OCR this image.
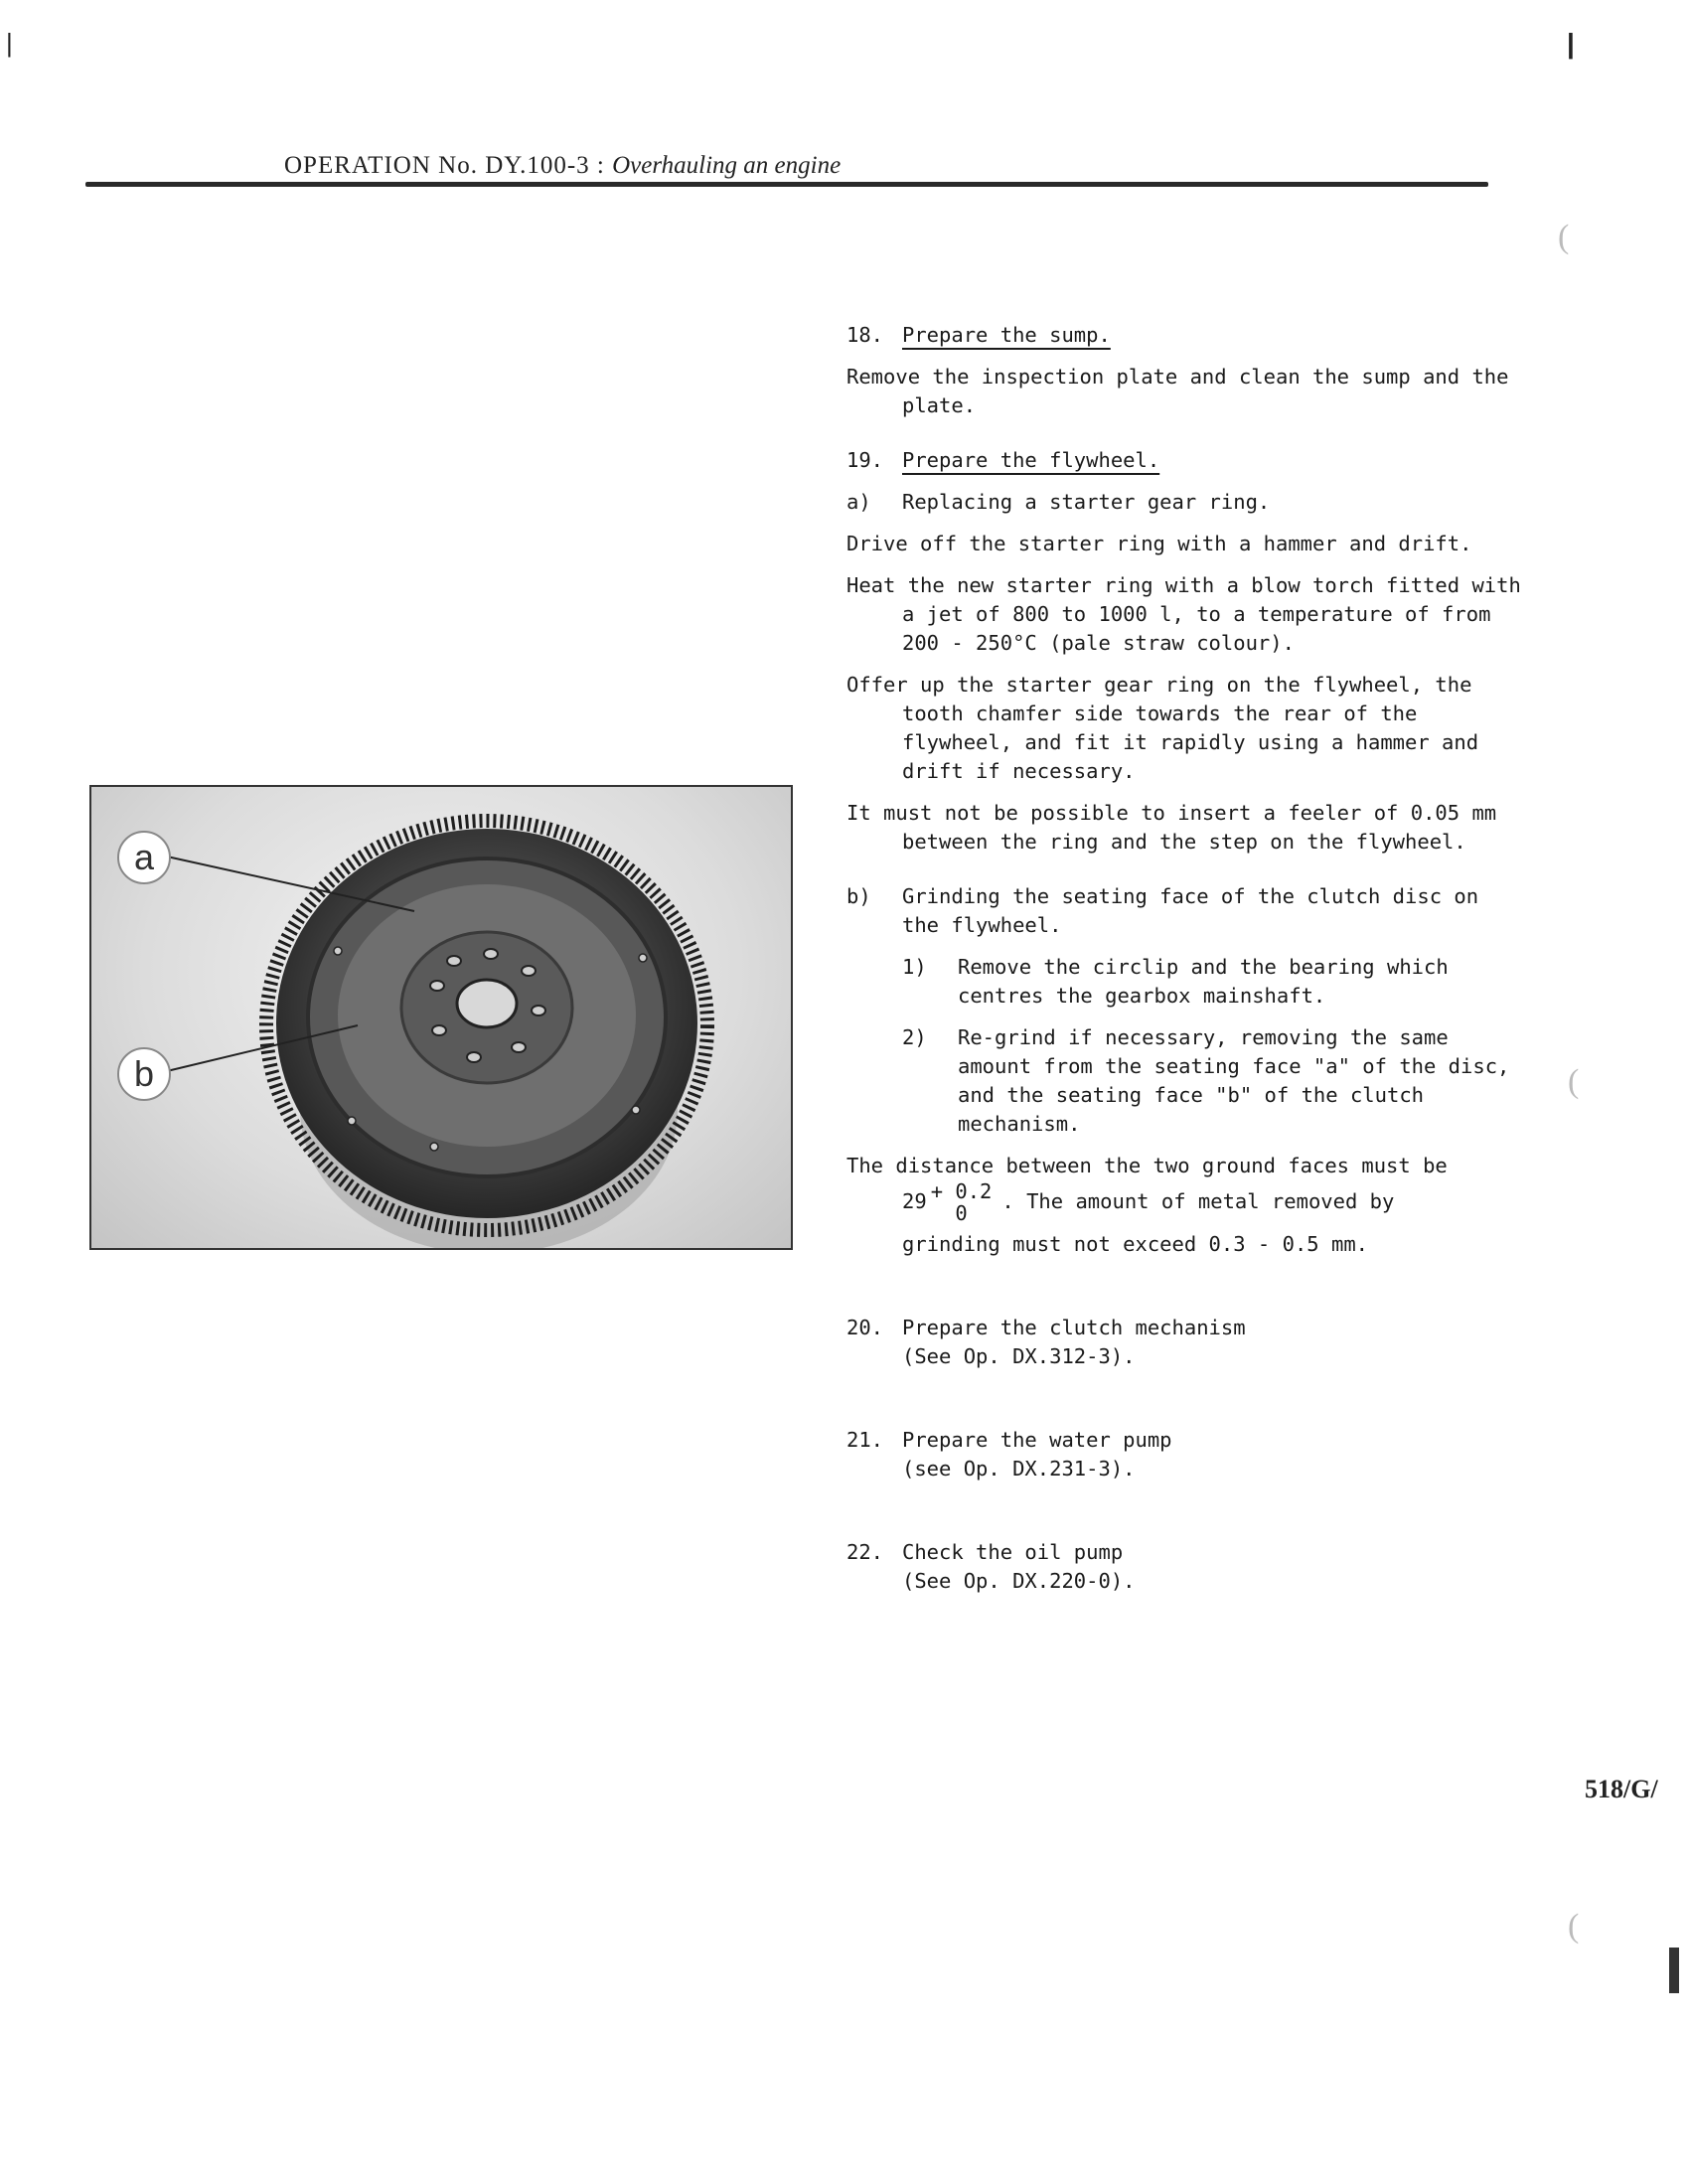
|	|
OPERATION No. DY.100-3 : Overhauling an engine
a
b

18. Prepare the sump.

Remove the inspection plate and clean the sump and the plate.

19. Prepare the flywheel.

a)	Replacing a starter gear ring.

Drive off the starter ring with a hammer and drift.

Heat the new starter ring with a blow torch fitted with a jet of 800 to 1000 l, to a temperature of from 200 - 250°C (pale straw colour).

Offer up the starter gear ring on the flywheel, the tooth chamfer side towards the rear of the flywheel, and fit it rapidly using a hammer and drift if necessary.

It must not be possible to insert a feeler of 0.05 mm between the ring and the step on the flywheel.

b)	Grinding the seating face of the clutch disc on the flywheel.

1)	Remove the circlip and the bearing which centres the gearbox mainshaft.

2)	Re-grind if necessary, removing the same amount from the seating face "a" of the disc, and the seating face "b" of the clutch mechanism.

The distance between the two ground faces must be

29 + 0.2
0	. The amount of metal removed by

grinding must not exceed 0.3 - 0.5 mm.

20. Prepare the clutch mechanism
(See Op. DX.312-3).
21. Prepare the water pump
(see Op. DX.231-3).
22. Check the oil pump
(See Op. DX.220-0).
518/G/
(
(
(
